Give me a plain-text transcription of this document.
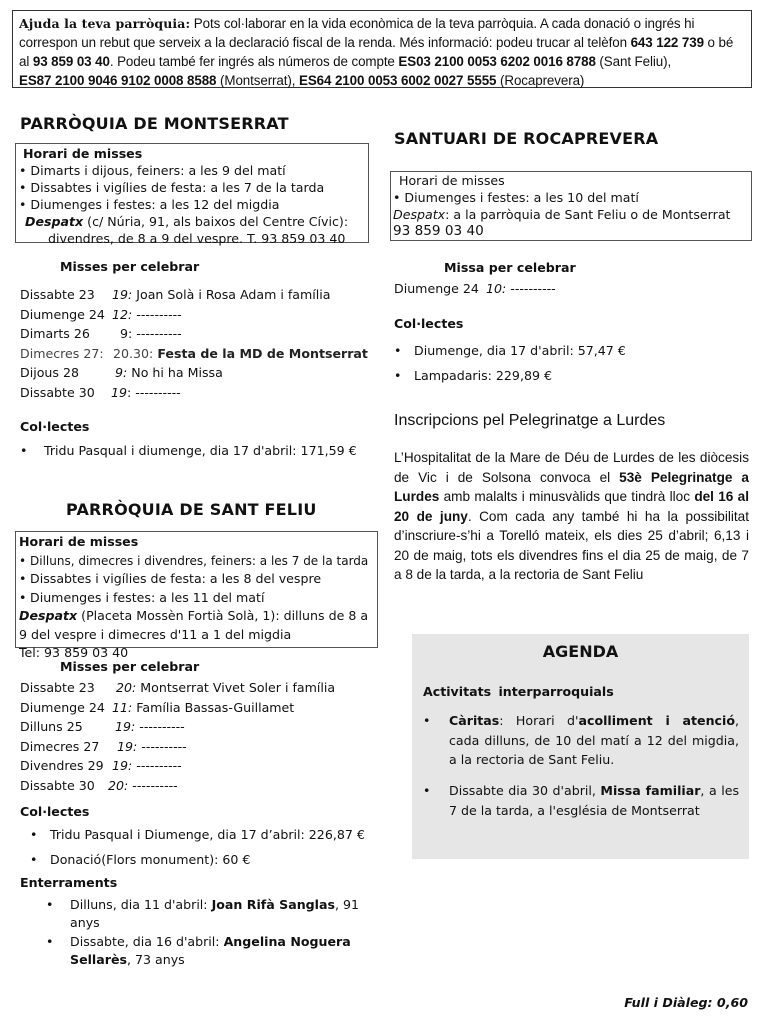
Ajuda la teva parròquia: Pots col·laborar en la vida econòmica de la teva parròquia. A cada donació o ingrés hi correspon un rebut que serveix a la declaració fiscal de la renda. Més informació: podeu trucar al telèfon 643 122 739 o bé al 93 859 03 40. Podeu també fer ingrés als números de compte ES03 2100 0053 6202 0016 8788 (Sant Feliu),
ES87 2100 9046 9102 0008 8588 (Montserrat), ES64 2100 0053 6002 0027 5555 (Rocaprevera)
PARRÒQUIA DE MONTSERRAT
Horari de misses
• Dimarts i dijous, feiners: a les 9 del matí
• Dissabtes i vigílies de festa: a les 7 de la tarda
• Diumenges i festes: a les 12 del migdia
Despatx (c/ Núria, 91, als baixos del Centre Cívic):
divendres, de 8 a 9 del vespre. T. 93 859 03 40
Misses per celebrar
Dissabte 23 19: Joan Solà i Rosa Adam i família
Diumenge 24 12: ----------
Dimarts 26 9: ----------
Dimecres 27: 20.30: Festa de la MD de Montserrat
Dijous 28	9: No hi ha Missa
Dissabte 30 19: ----------
Col·lectes
• Tridu Pasqual i diumenge, dia 17 d'abril: 171,59 €
PARRÒQUIA DE SANT FELIU
Horari de misses
• Dilluns, dimecres i divendres, feiners: a les 7 de la tarda
• Dissabtes i vigílies de festa: a les 8 del vespre
• Diumenges i festes: a les 11 del matí
Despatx (Placeta Mossèn Fortià Solà, 1): dilluns de 8 a
9 del vespre i dimecres d'11 a 1 del migdia
Tel: 93 859 03 40
Misses per celebrar
Dissabte 23 20: Montserrat Vivet Soler i família
Diumenge 24 11: Família Bassas-Guillamet
Dilluns 25	19: ----------
Dimecres 27 19: ----------
Divendres 29 19: ----------
Dissabte 30 20: ----------
Col·lectes
• Tridu Pasqual i Diumenge, dia 17 d’abril: 226,87 €
• Donació(Flors monument): 60 €
Enterraments
• Dilluns, dia 11 d'abril: Joan Rifà Sanglas, 91
anys
• Dissabte, dia 16 d'abril: Angelina Noguera
Sellarès, 73 anys
SANTUARI DE ROCAPREVERA
Horari de misses
• Diumenges i festes: a les 10 del matí
Despatx: a la parròquia de Sant Feliu o de Montserrat
93 859 03 40
Missa per celebrar
Diumenge 24 10: ----------
Col·lectes
• Diumenge, dia 17 d'abril: 57,47 €
• Lampadaris: 229,89 €
Inscripcions pel Pelegrinatge a Lurdes
L’Hospitalitat de la Mare de Déu de Lurdes de les diòcesis de Vic i de Solsona convoca el 53è Pelegrinatge a Lurdes amb malalts i minusvàlids que tindrà lloc del 16 al 20 de juny. Com cada any també hi ha la possibilitat d’inscriure-s’hi a Torelló mateix, els dies 25 d’abril; 6,13 i 20 de maig, tots els divendres fins el dia 25 de maig, de 7 a 8 de la tarda, a la rectoria de Sant Feliu
AGENDA
Activitats interparroquials
• Càritas: Horari d'acolliment i atenció, cada dilluns, de 10 del matí a 12 del migdia, a la rectoria de Sant Feliu.
• Dissabte dia 30 d'abril, Missa familiar, a les 7 de la tarda, a l'església de Montserrat
Full i Diàleg: 0,60
